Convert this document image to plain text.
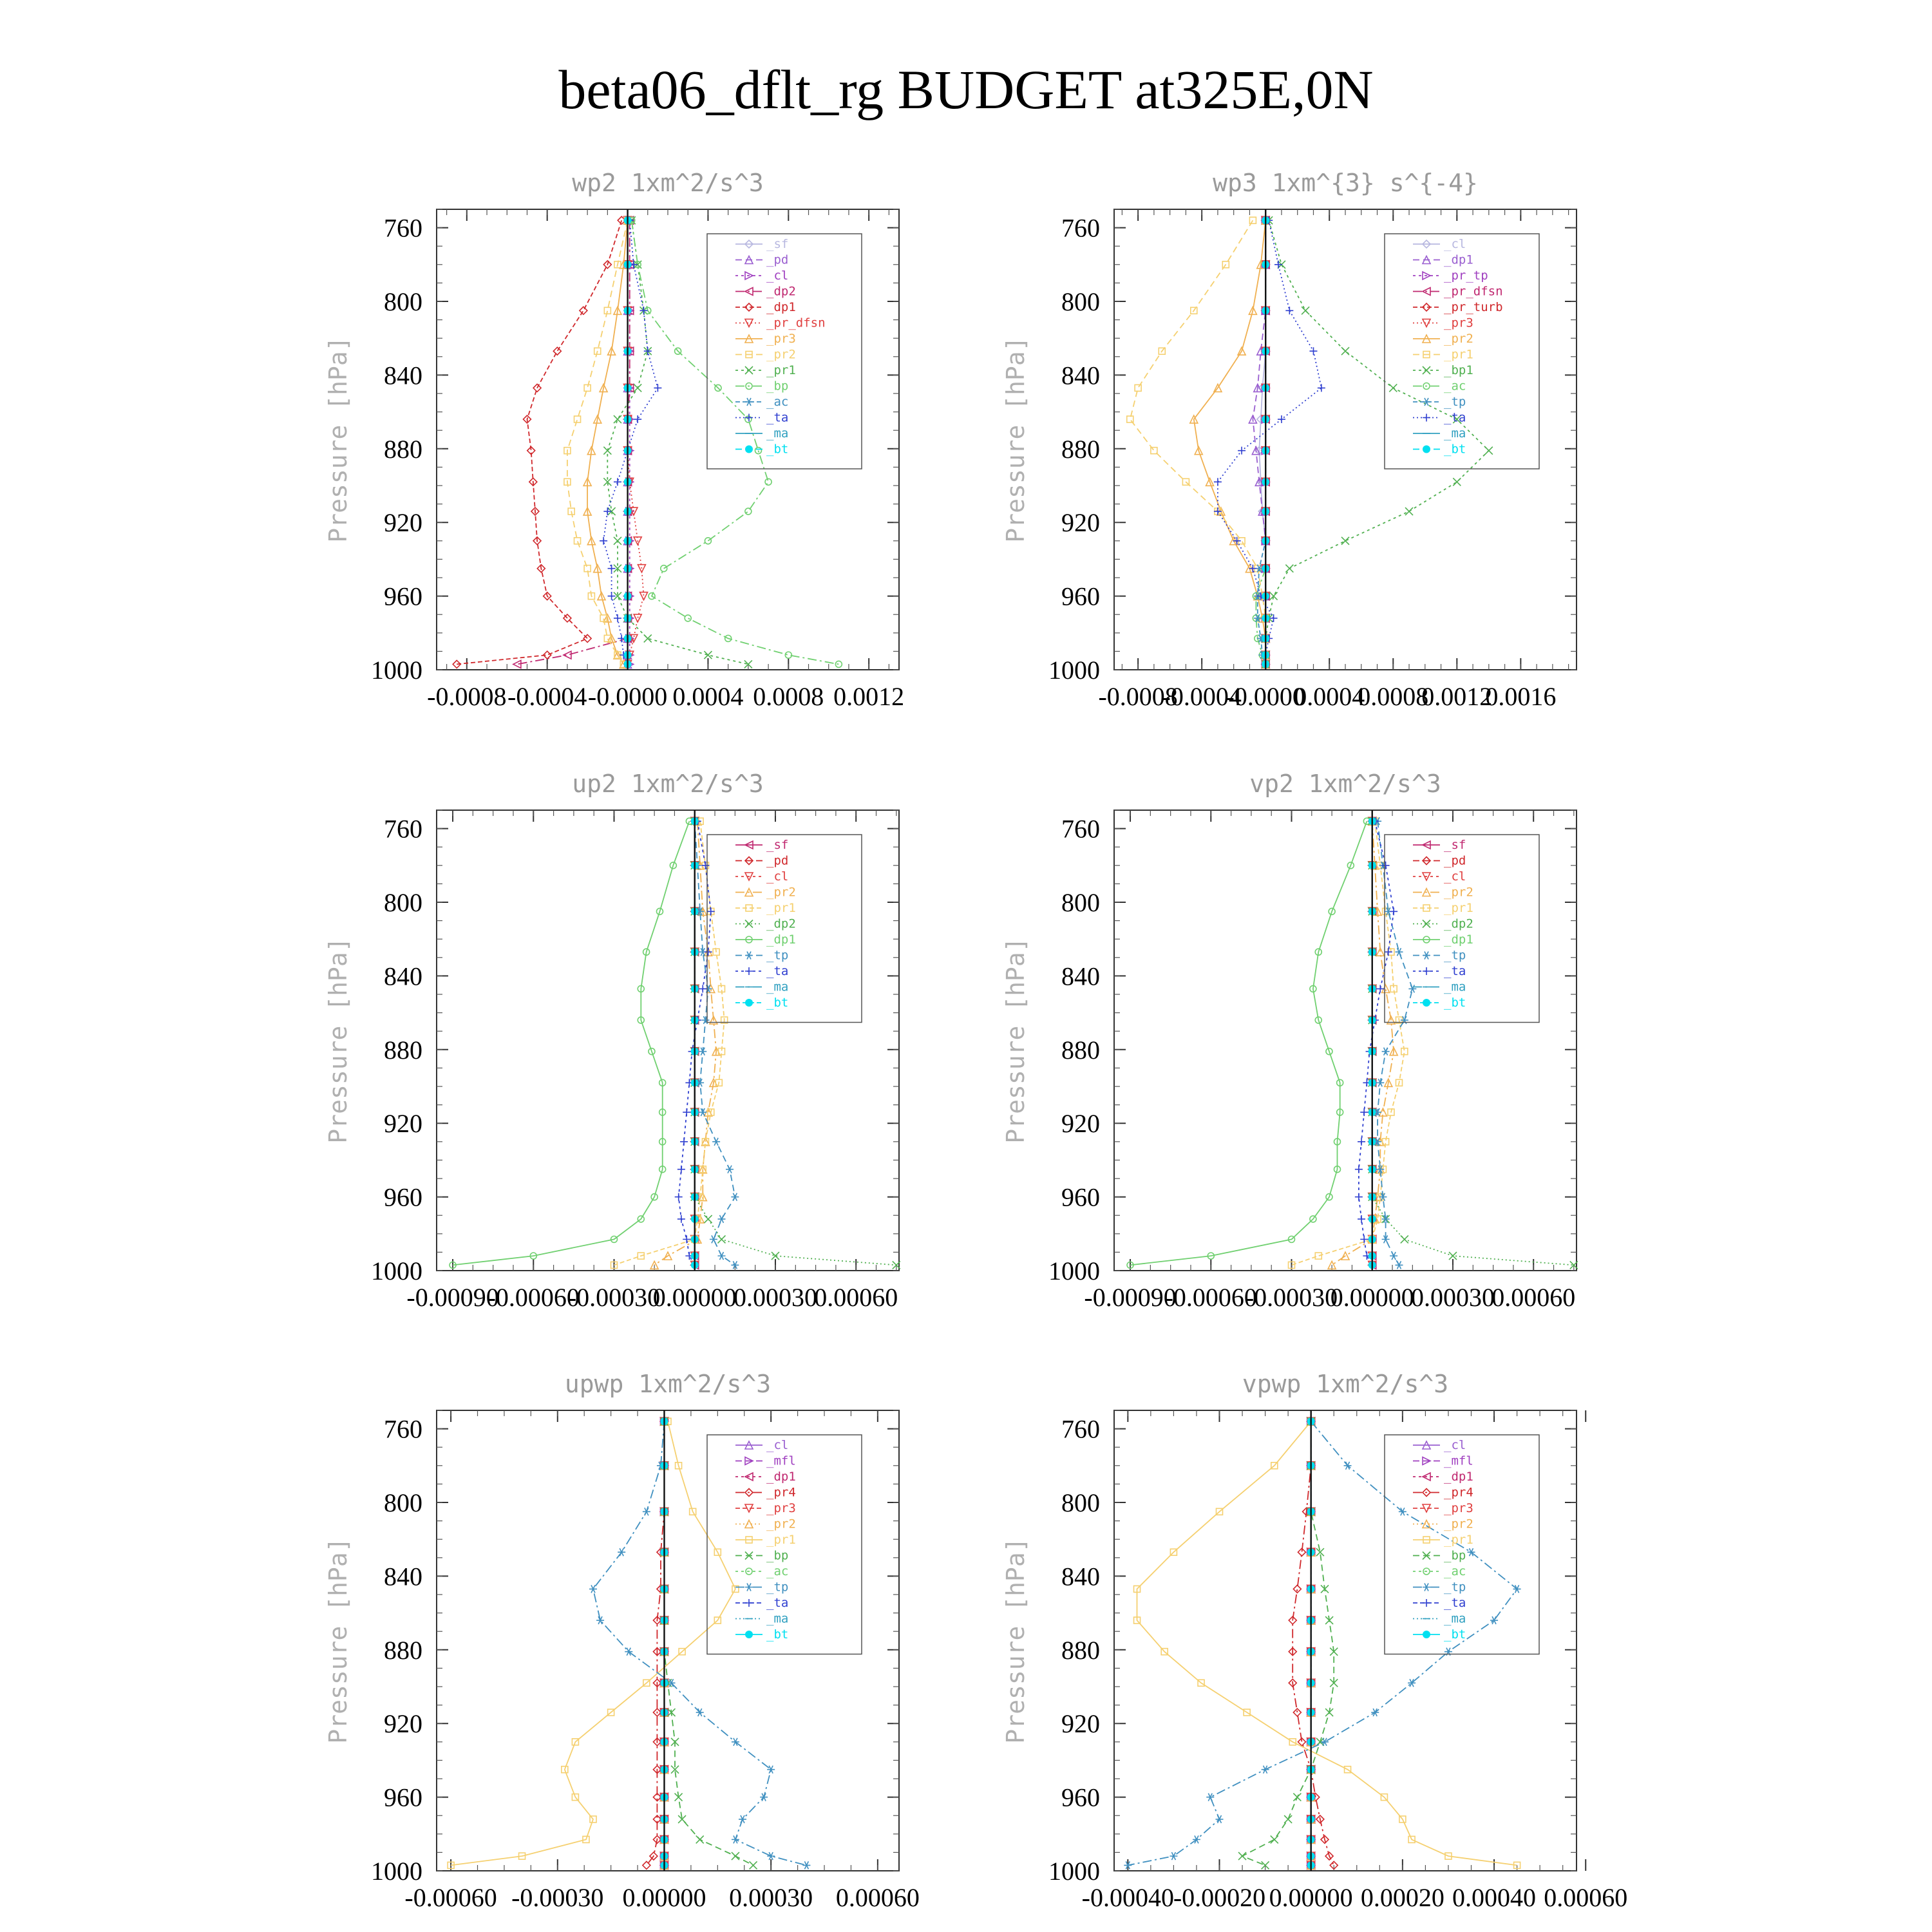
beta06_dflt_rg BUDGET at325E,0N
wp2 1xm^2/s^3
Pressure [hPa]
760
800
840
880
920
960
1000
-0.0008 -0.0004 -0.0000 0.0004 0.0008 0.0012
_sf
_pd
_cl
_dp2
_dp1
_pr_dfsn
_pr3
_pr2
_pr1
_bp
_ac
_ta
_ma
_bt
wp3 1xm^{3} s^{-4}
Pressure [hPa]
760
800
840
880
920
960
1000
-0.0008
-0.0004
-0.0000
0.0004
0.0008
0.0012
0.0016
_cl
_dp1
_pr_tp
_pr_dfsn
_pr_turb
_pr3
_pr2
_pr1
_bp1
_ac
_tp
_ta
_ma
_bt
up2 1xm^2/s^3
Pressure [hPa]
760
800
840
880
920
960
1000
-0.00090
-0.00060
-0.00030
0.00000
0.00030
0.00060
_sf
_pd
_cl
_pr2
_pr1
_dp2
_dp1
_tp
_ta
_ma
_bt
vp2 1xm^2/s^3
Pressure [hPa]
760
800
840
880
920
960
1000
-0.00090
-0.00060
-0.00030
0.00000
0.00030
0.00060
_sf
_pd
_cl
_pr2
_pr1
_dp2
_dp1
_tp
_ta
_ma
_bt
upwp 1xm^2/s^3
Pressure [hPa]
760
800
840
880
920
960
1000
-0.00060 -0.00030 0.00000 0.00030 0.00060
_cl
_mfl
_dp1
_pr4
_pr3
_pr2
_pr1
_bp
_ac
_tp
_ta
_ma
_bt
vpwp 1xm^2/s^3
Pressure [hPa]
760
800
840
880
920
960
1000
-0.00040
-0.00020 0.00000 0.00020 0.00040 0.00060
_cl
_mfl
_dp1
_pr4
_pr3
_pr2
_pr1
_bp
_ac
_tp
_ta
_ma
_bt
